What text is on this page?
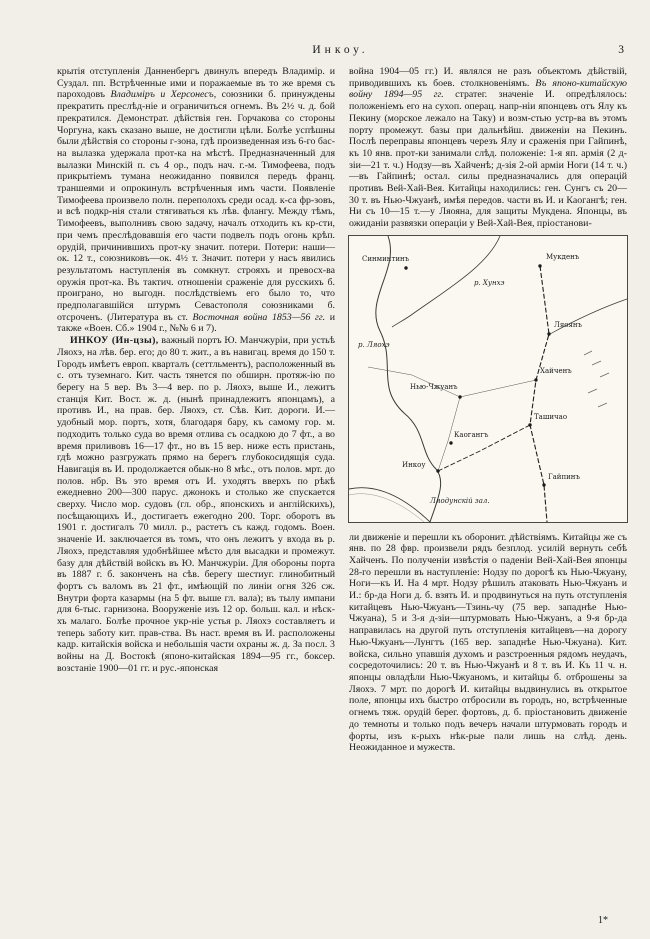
Инкоу.	3

крытія отступленія Данненбергъ двинулъ впередъ Владимір. и Суздал. пп. Встрѣченные ими и поражаемые въ то же время съ пароходовъ Владиміръ и Херсонесъ, союзники б. принуждены прекратить преслѣд-ніе и ограничиться огнемъ. Въ 2½ ч. д. бой прекратился. Демонстрат. дѣйствія ген. Горчакова со стороны Чоргуна, какъ сказано выше, не достигли цѣли. Болѣе успѣшны были дѣйствія со стороны г-зона, гдѣ произведенная изъ 6-го бас-на вылазка удержала прот-ка на мѣстѣ. Предназначенный для вылазки Минскій п. съ 4 ор., подъ нач. г.-м. Тимофеева, подъ прикрытіемъ тумана неожиданно появился передъ франц. траншеями и опрокинулъ встрѣченныя имъ части. Появленіе Тимофеева произвело полн. переполохъ среди осад. к-са фр-зовъ, и всѣ подкр-нія стали стягиваться къ лѣв. флангу. Между тѣмъ, Тимофеевъ, выполнивъ свою задачу, началъ отходить къ кр-сти, при чемъ преслѣдовавшія его части подвелъ подъ огонь крѣп. орудій, причинившихъ прот-ку значит. потери. Потери: наши—ок. 12 т., союзниковъ—ок. 4½ т. Значит. потери у насъ явились результатомъ наступленія въ сомкнут. строяхъ и превосх-ва оружія прот-ка. Въ тактич. отношеніи сраженіе для русскихъ б. проиграно, но выгодн. послѣдствіемъ его было то, что предполагавшійся штурмъ Севастополя союзниками б. отсроченъ. (Литература въ ст. Восточная война 1853—56 гг. и также «Воен. Сб.» 1904 г., №№ 6 и 7).

ИНКОУ (Ин-цзы), важный портъ Ю. Манчжуріи, при устьѣ Ляохэ, на лѣв. бер. его; до 80 т. жит., а въ навигац. время до 150 т. Городъ имѣетъ европ. кварталъ (сеттльментъ), расположенный въ с. отъ туземнаго. Кит. часть тянется по обширн. протяж-ію по берегу на 5 вер. Въ 3—4 вер. по р. Ляохэ, выше И., лежитъ станція Кит. Вост. ж. д. (нынѣ принадлежитъ японцамъ), а противъ И., на прав. бер. Ляохэ, ст. Сѣв. Кит. дороги. И.—удобный мор. портъ, хотя, благодаря бару, къ самому гор. м. подходить только суда во время отлива съ осадкою до 7 фт., а во время приливовъ 16—17 фт., но въ 15 вер. ниже есть пристань, гдѣ можно разгружать прямо на берегъ глубокосидящія суда. Навигація въ И. продолжается обык-но 8 мѣс., отъ полов. мрт. до полов. нбр. Въ это время отъ И. уходятъ вверхъ по рѣкѣ ежедневно 200—300 парус. джонокъ и столько же спускается сверху. Число мор. судовъ (гл. обр., японскихъ и англійскихъ), посѣщающихъ И., достигаетъ ежегодно 200. Торг. оборотъ въ 1901 г. достигалъ 70 милл. р., растетъ съ кажд. годомъ. Воен. значеніе И. заключается въ томъ, что онъ лежитъ у входа въ р. Ляохэ, представляя удобнѣйшее мѣсто для высадки и промежут. базу для дѣйствій войскъ въ Ю. Манчжуріи. Для обороны порта въ 1887 г. б. законченъ на сѣв. берегу шестиуг. глинобитный фортъ съ валомъ въ 21 фт., имѣющій по линіи огня 326 сж. Внутри форта казармы (на 5 фт. выше гл. вала); въ тылу импани для 6-тыс. гарнизона. Вооруженіе изъ 12 ор. больш. кал. и нѣск-хъ малаго. Болѣе прочное укр-ніе устья р. Ляохэ составляетъ и теперь заботу кит. прав-ства. Въ наст. время въ И. расположены кадр. китайскія войска и небольшія части охраны ж. д. За посл. 3 войны на Д. Востокѣ (японо-китайская 1894—95 гг., боксер. возстаніе 1900—01 гг. и рус.-японская

война 1904—05 гг.) И. являлся не разъ объектомъ дѣйствій, приводившихъ къ боев. столкновеніямъ. Въ японо-китайскую войну 1894—95 гг. стратег. значеніе И. опредѣлялось: положеніемъ его на сухоп. операц. напр-ніи японцевъ отъ Ялу къ Пекину (морское лежало на Таку) и возм-стью устр-ва въ этомъ порту промежут. базы при дальнѣйш. движеніи на Пекинъ. Послѣ переправы японцевъ черезъ Ялу и сраженія при Гайпинѣ, къ 10 янв. прот-ки занимали слѣд. положеніе: 1-я яп. армія (2 д-зіи—21 т. ч.) Нодзу—въ Хайченѣ; д-зія 2-ой арміи Ноги (14 т. ч.)—въ Гайпинѣ; остал. силы предназначались для операцій противъ Вей-Хай-Вея. Китайцы находились: ген. Сунгъ съ 20—30 т. въ Нью-Чжуанѣ, имѣя передов. части въ И. и Каогангѣ; ген. Ни съ 10—15 т.—у Ляояна, для защиты Мукдена. Японцы, въ ожиданіи развязки операціи у Вей-Хай-Вея, пріостанови-

Синминтинъ	Мукденъ
р. Хунхэ
р. Ляохэ
Ляоянъ
Хайченъ
Нью-Чжуанъ
Ташичао
Каогангъ
Инкоу
Гайпинъ
Ляодунскій зал.

ли движеніе и перешли къ оборонит. дѣйствіямъ. Китайцы же съ янв. по 28 фвр. произвели рядъ безплод. усилій вернуть себѣ Хайченъ. По полученіи извѣстія о паденіи Вей-Хай-Вея японцы 28-го перешли въ наступленіе: Нодзу по дорогѣ къ Нью-Чжуану, Ноги—къ И. На 4 мрт. Нодзу рѣшилъ атаковать Нью-Чжуанъ и И.: бр-да Ноги д. б. взять И. и продвинуться на путь отступленія китайцевъ Нью-Чжуанъ—Тзинь-чу (75 вер. западнѣе Нью-Чжуана), 5 и 3-я д-зіи—штурмовать Нью-Чжуанъ, а 9-я бр-да направилась на другой путь отступленія китайцевъ—на дорогу Нью-Чжуанъ—Лунгтъ (165 вер. западнѣе Нью-Чжуана). Кит. войска, сильно упавшія духомъ и разстроенныя рядомъ неудачъ, сосредоточились: 20 т. въ Нью-Чжуанѣ и 8 т. въ И. Къ 11 ч. н. японцы овладѣли Нью-Чжуаномъ, и китайцы б. отброшены за Ляохэ. 7 мрт. по дорогѣ И. китайцы выдвинулись въ открытое поле, японцы ихъ быстро отбросили въ городъ, но, встрѣченные огнемъ тяж. орудій берег. фортовъ, д. б. пріостановить движеніе до темноты и только подъ вечеръ начали штурмовать городъ и форты, изъ к-рыхъ нѣк-рые пали лишь на слѣд. день. Неожиданное и мужеств.

1*
